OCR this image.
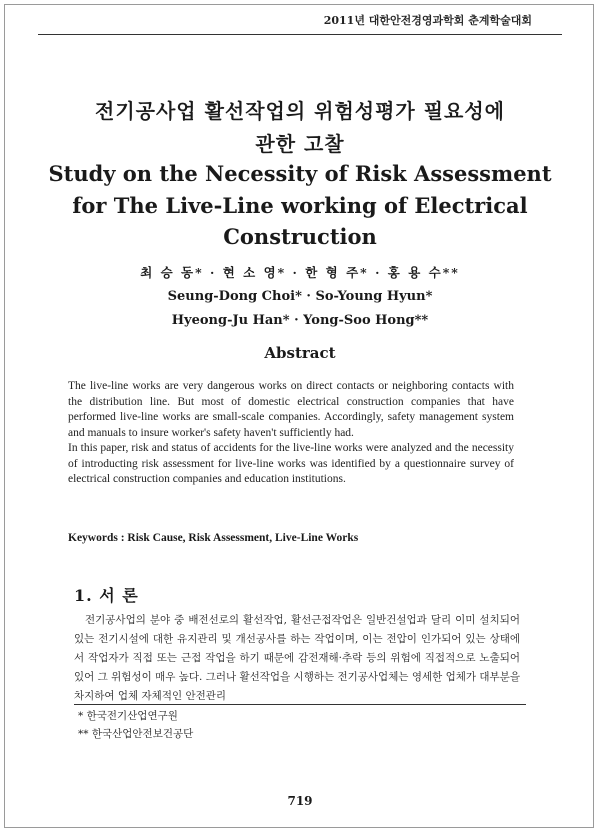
2011년 대한안전경영과학회 춘계학술대회
전기공사업 활선작업의 위험성평가 필요성에
관한 고찰
Study on the Necessity of Risk Assessment
for The Live-Line working of Electrical
Construction
최 승 동* · 현 소 영* · 한 형 주* · 홍 용 수**
Seung-Dong Choi* · So-Young Hyun*
Hyeong-Ju Han* · Yong-Soo Hong**
Abstract

The live-line works are very dangerous works on direct contacts or neighboring contacts with the distribution line. But most of domestic electrical construction companies that have performed live-line works are small-scale companies. Accordingly, safety management system and manuals to insure worker's safety haven't sufficiently had.

In this paper, risk and status of accidents for the live-line works were analyzed and the necessity of introducting risk assessment for live-line works was identified by a questionnaire survey of electrical construction companies and education institutions.

Keywords : Risk Cause, Risk Assessment, Live-Line Works
1. 서 론
전기공사업의 분야 중 배전선로의 활선작업, 활선근접작업은 일반건설업과 달리 이미 설치되어 있는 전기시설에 대한 유지관리 및 개선공사를 하는 작업이며, 이는 전압이 인가되어 있는 상태에서 작업자가 직접 또는 근접 작업을 하기 때문에 감전재해·추락 등의 위험에 직접적으로 노출되어 있어 그 위험성이 매우 높다. 그러나 활선작업을 시행하는 전기공사업체는 영세한 업체가 대부분을 차지하여 업체 자체적인 안전관리
* 한국전기산업연구원
** 한국산업안전보건공단
719
